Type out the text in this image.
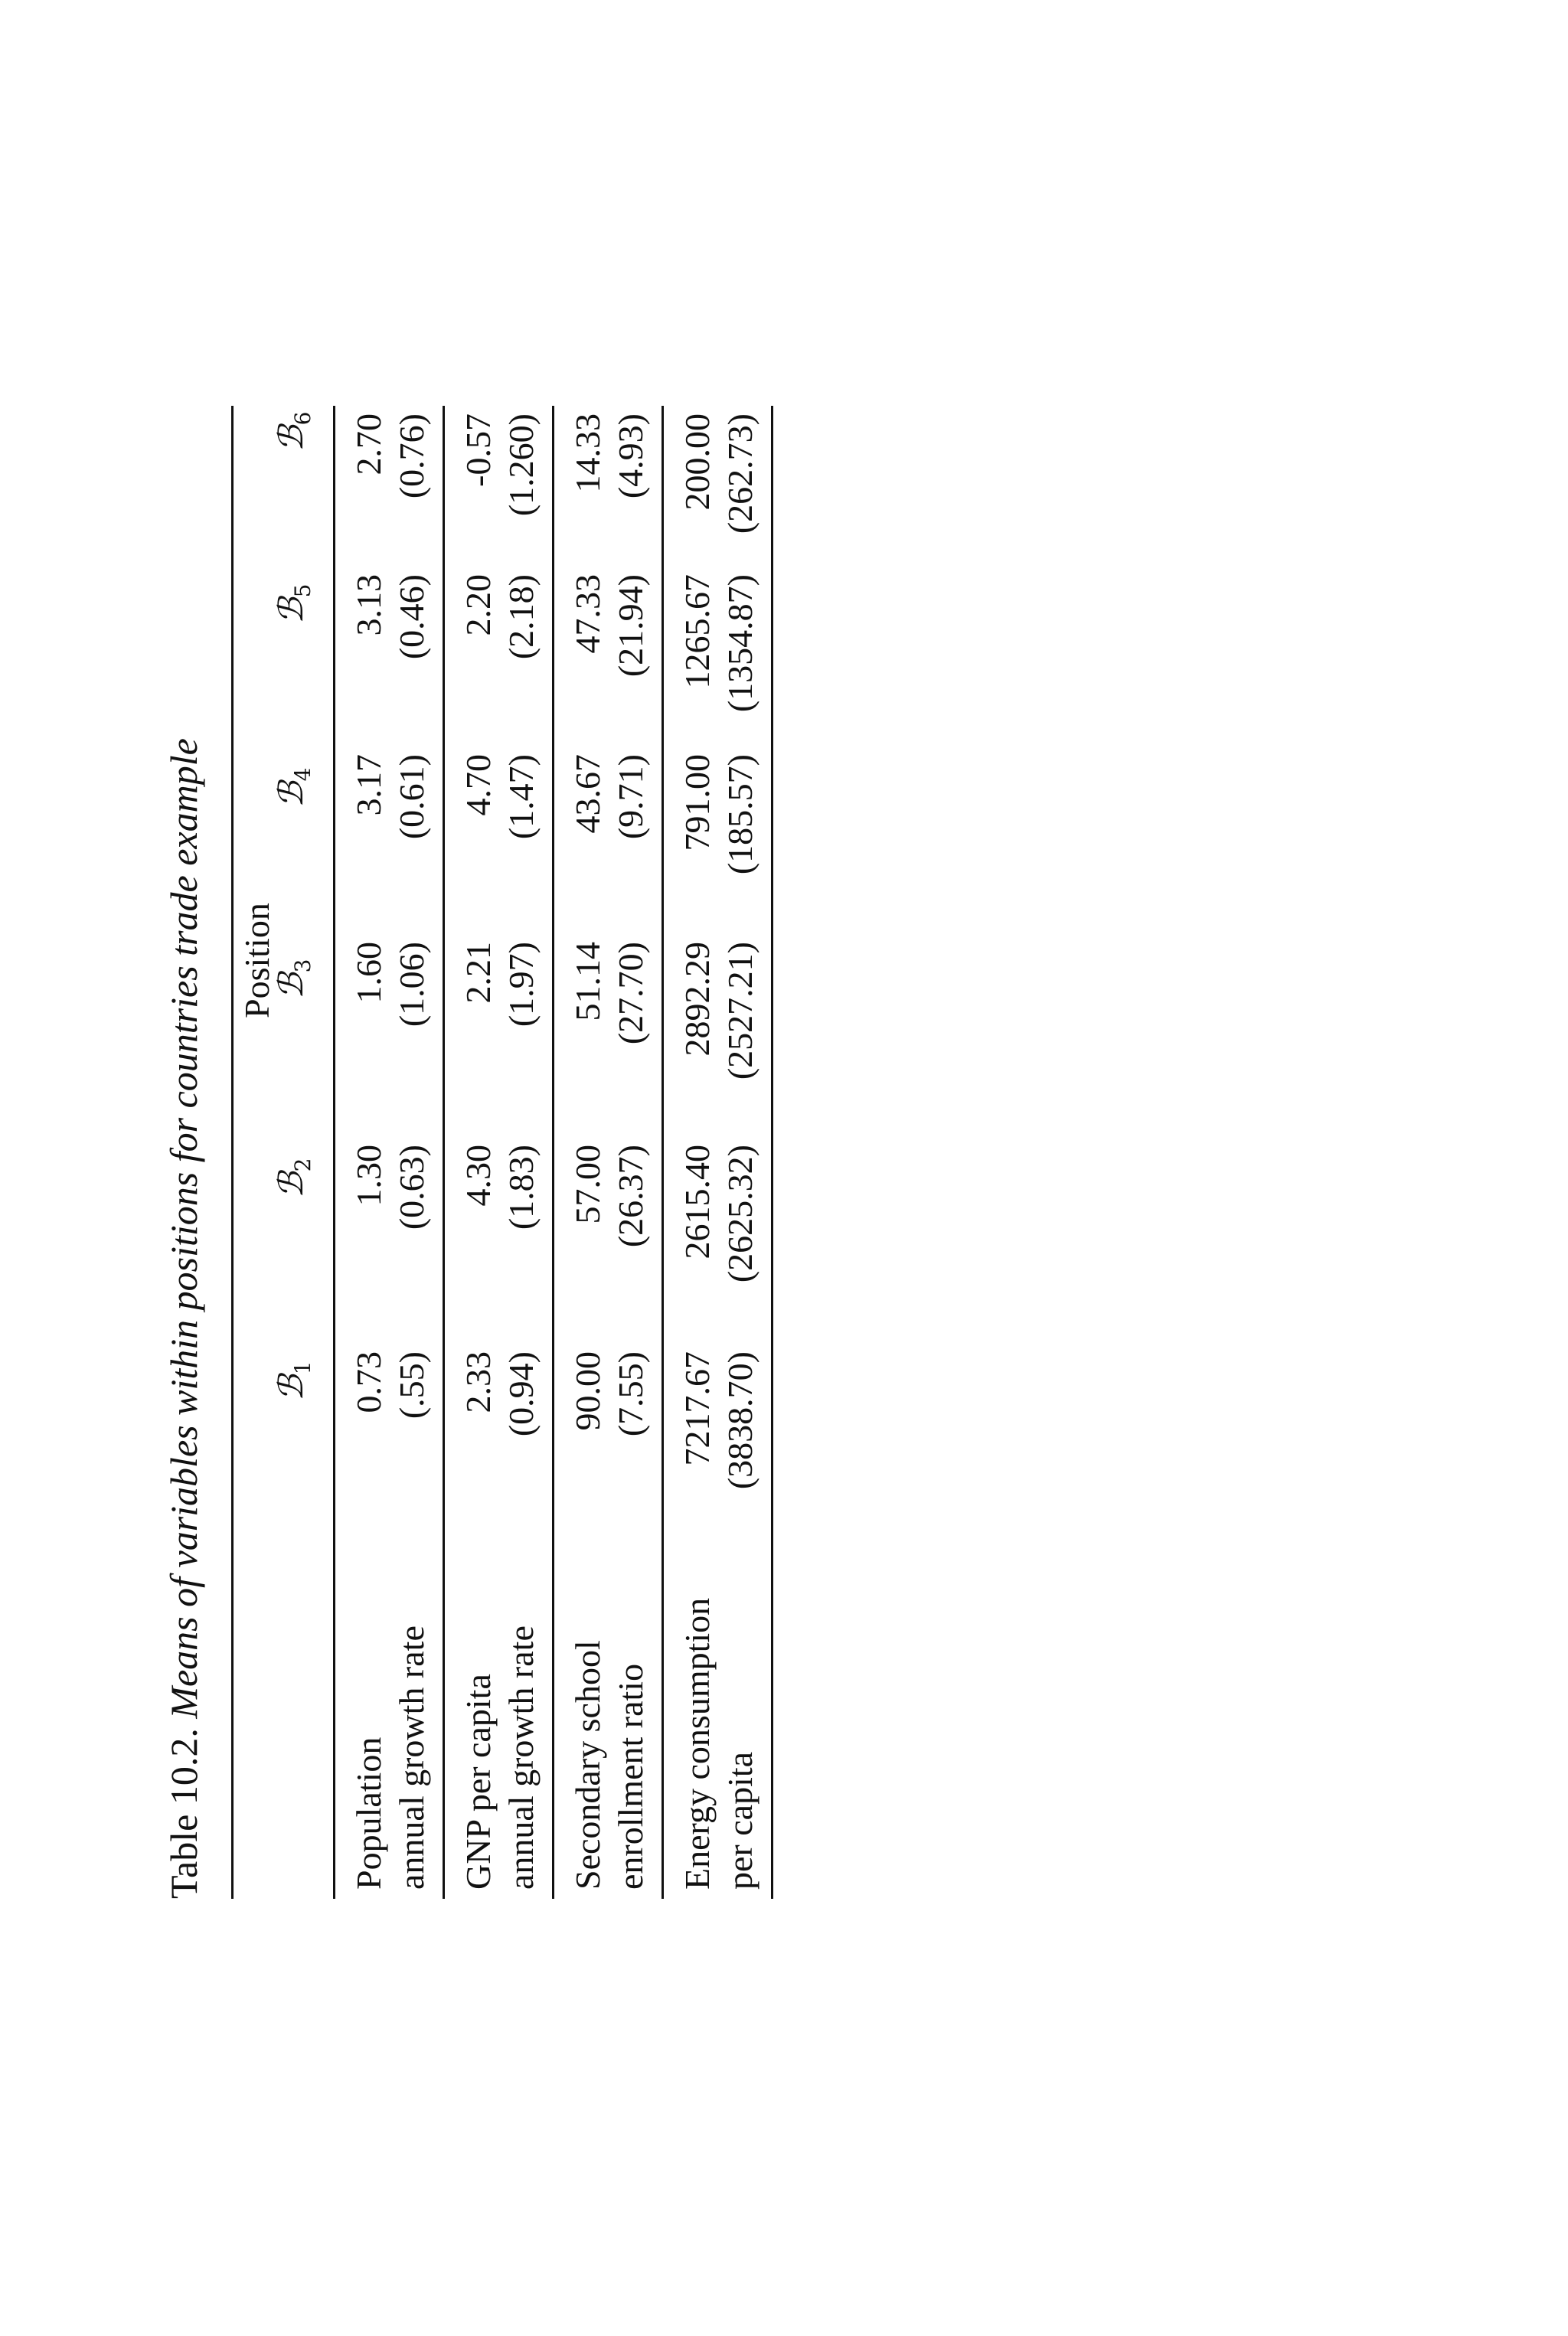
Table 10.2. Means of variables within positions for countries trade example Position
ℬ$_1$
ℬ$_2$
ℬ$_3$
ℬ$_4$
ℬ$_5$
ℬ$_6$
Population annual growth rate
0.73 (.55)
1.30 (0.63)
1.60 (1.06)
3.17 (0.61)
3.13 (0.46)
2.70 (0.76)
GNP per capita annual growth rate
2.33 (0.94)
4.30 (1.83)
2.21 (1.97)
4.70 (1.47)
2.20 (2.18)
-0.57 (1.260)
Secondary school enrollment ratio
90.00 (7.55)
57.00 (26.37)
51.14 (27.70)
43.67 (9.71)
47.33 (21.94)
14.33 (4.93)
Energy consumption per capita
7217.67 (3838.70)
2615.40 (2625.32)
2892.29 (2527.21)
791.00 (185.57)
1265.67 (1354.87)
200.00 (262.73)
